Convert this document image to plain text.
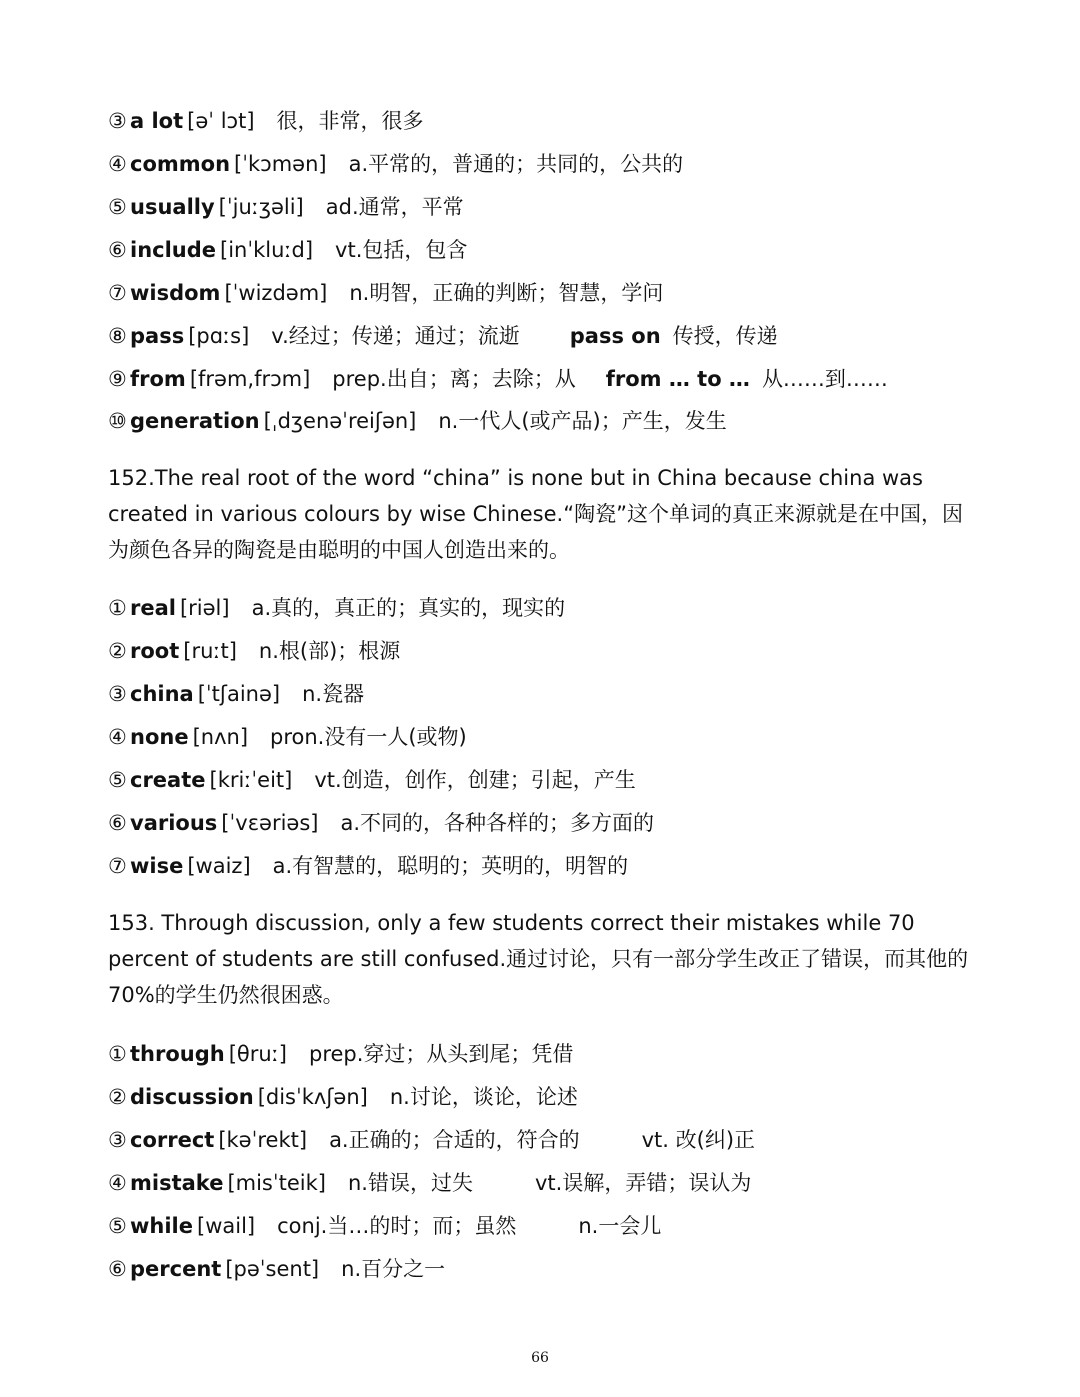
③ a lot [əˈ lɔt] 很，非常，很多
④ common [ˈkɔmən] a.平常的，普通的；共同的，公共的
⑤ usually [ˈjuːʒəli] ad.通常，平常
⑥ include [inˈkluːd] vt.包括，包含
⑦ wisdom [ˈwizdəm] n.明智，正确的判断；智慧，学问
⑧ pass [pɑːs] v.经过；传递；通过；流逝 pass on 传授，传递
⑨ from [frəm,frɔm] prep.出自；离；去除；从 from … to … 从……到……
⑩ generation [ˌdʒenəˈreiʃən] n.一代人(或产品)；产生，发生
152.The real root of the word “china” is none but in China because china was created in various colours by wise Chinese.“陶瓷”这个单词的真正来源就是在中国，因为颜色各异的陶瓷是由聪明的中国人创造出来的。
① real [riəl] a.真的，真正的；真实的，现实的
② root [ruːt] n.根(部)；根源
③ china [ˈtʃainə] n.瓷器
④ none [nʌn] pron.没有一人(或物)
⑤ create [kriːˈeit] vt.创造，创作，创建；引起，产生
⑥ various [ˈvɛəriəs] a.不同的，各种各样的；多方面的
⑦ wise [waiz] a.有智慧的，聪明的；英明的，明智的
153. Through discussion, only a few students correct their mistakes while 70 percent of students are still confused.通过讨论，只有一部分学生改正了错误，而其他的 70%的学生仍然很困惑。
① through [θruː] prep.穿过；从头到尾；凭借
② discussion [disˈkʌʃən] n.讨论，谈论，论述
③ correct [kəˈrekt] a.正确的；合适的，符合的	vt. 改(纠)正
④ mistake [misˈteik] n.错误，过失	vt.误解，弄错；误认为
⑤ while [wail] conj.当…的时；而；虽然	n.一会儿
⑥ percent [pəˈsent] n.百分之一
66
